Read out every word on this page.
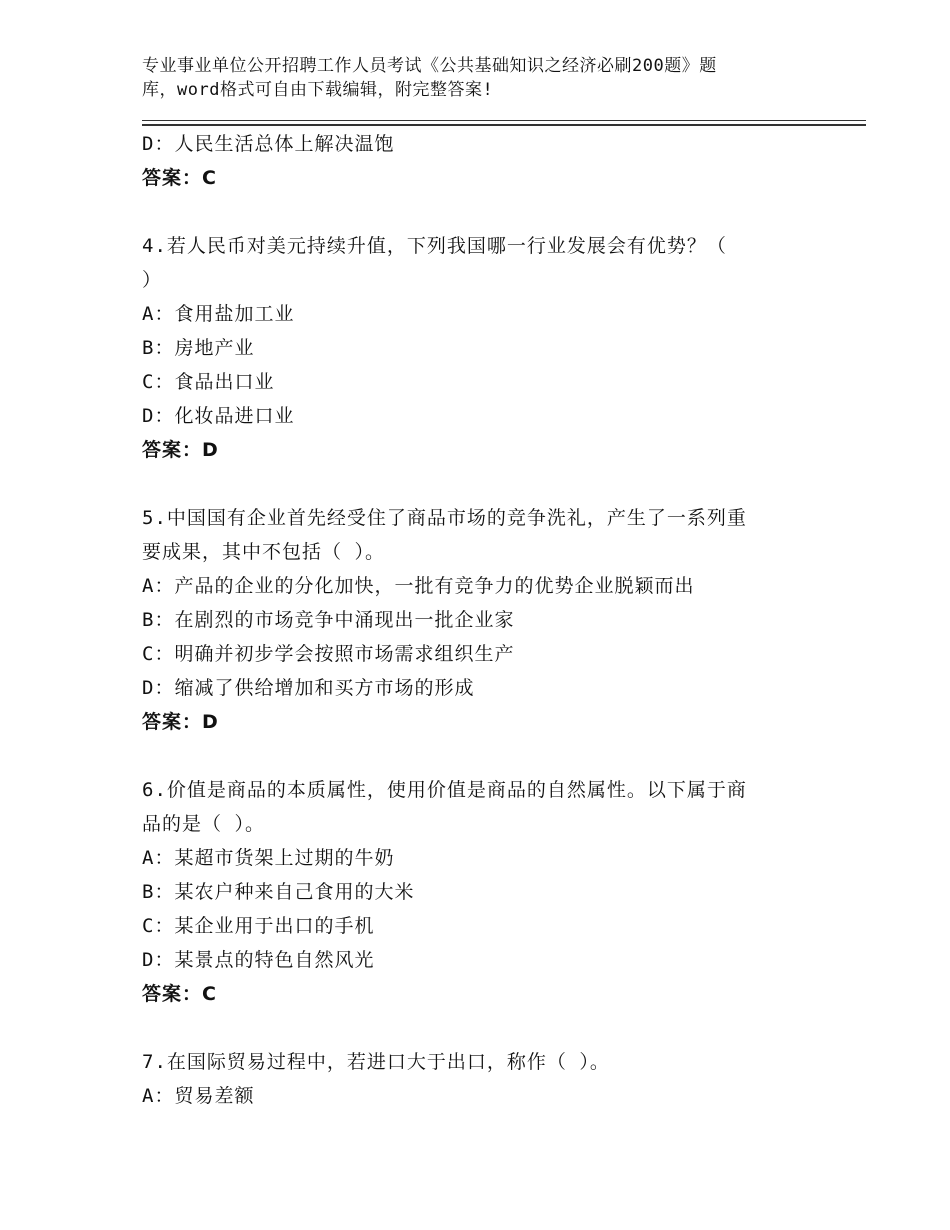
专业事业单位公开招聘工作人员考试《公共基础知识之经济必刷200题》题
库，word格式可自由下载编辑，附完整答案!
D：人民生活总体上解决温饱
答案：C
4.若人民币对美元持续升值，下列我国哪一行业发展会有优势？（
）
A：食用盐加工业
B：房地产业
C：食品出口业
D：化妆品进口业
答案：D
5.中国国有企业首先经受住了商品市场的竞争洗礼，产生了一系列重
要成果，其中不包括（ ）。
A：产品的企业的分化加快，一批有竞争力的优势企业脱颖而出
B：在剧烈的市场竞争中涌现出一批企业家
C：明确并初步学会按照市场需求组织生产
D：缩减了供给增加和买方市场的形成
答案：D
6.价值是商品的本质属性，使用价值是商品的自然属性。以下属于商
品的是（ ）。
A：某超市货架上过期的牛奶
B：某农户种来自己食用的大米
C：某企业用于出口的手机
D：某景点的特色自然风光
答案：C
7.在国际贸易过程中，若进口大于出口，称作（ ）。
A：贸易差额
